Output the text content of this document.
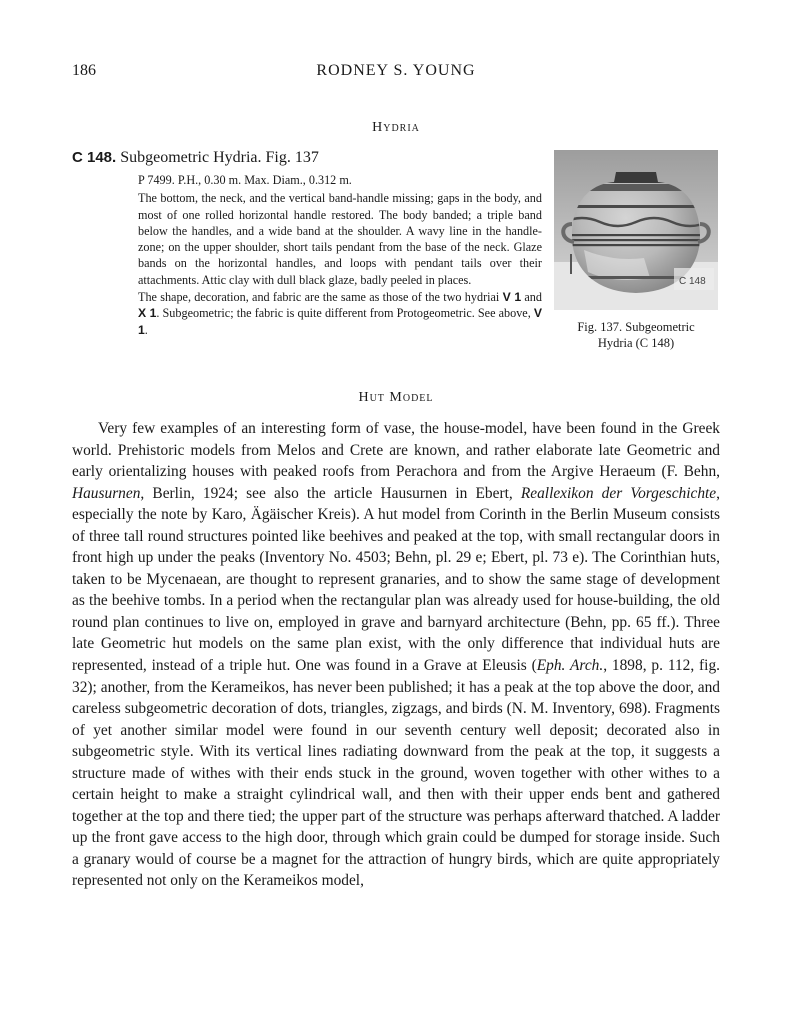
186	RODNEY S. YOUNG
Hydria
C 148. Subgeometric Hydria. Fig. 137

P 7499. P.H., 0.30 m. Max. Diam., 0.312 m.

The bottom, the neck, and the vertical band-handle missing; gaps in the body, and most of one rolled horizontal handle restored. The body banded; a triple band below the handles, and a wide band at the shoulder. A wavy line in the handle-zone; on the upper shoulder, short tails pendant from the base of the neck. Glaze bands on the horizontal handles, and loops with pendant tails over their attachments. Attic clay with dull black glaze, badly peeled in places.

The shape, decoration, and fabric are the same as those of the two hydriai V 1 and X 1. Subgeometric; the fabric is quite different from Protogeometric. See above, V 1.

C 148
Fig. 137. Subgeometric
Hydria (C 148)
Hut Model

Very few examples of an interesting form of vase, the house-model, have been found in the Greek world. Prehistoric models from Melos and Crete are known, and rather elaborate late Geometric and early orientalizing houses with peaked roofs from Perachora and from the Argive Heraeum (F. Behn, Hausurnen, Berlin, 1924; see also the article Hausurnen in Ebert, Reallexikon der Vorgeschichte, especially the note by Karo, Ägäischer Kreis). A hut model from Corinth in the Berlin Museum consists of three tall round structures pointed like beehives and peaked at the top, with small rectangular doors in front high up under the peaks (Inventory No. 4503; Behn, pl. 29 e; Ebert, pl. 73 e). The Corinthian huts, taken to be Mycenaean, are thought to represent granaries, and to show the same stage of development as the beehive tombs. In a period when the rectangular plan was already used for house-building, the old round plan continues to live on, employed in grave and barnyard architecture (Behn, pp. 65 ff.). Three late Geometric hut models on the same plan exist, with the only difference that individual huts are represented, instead of a triple hut. One was found in a Grave at Eleusis (Eph. Arch., 1898, p. 112, fig. 32); another, from the Kerameikos, has never been published; it has a peak at the top above the door, and careless subgeometric decoration of dots, triangles, zigzags, and birds (N. M. Inventory, 698). Fragments of yet another similar model were found in our seventh century well deposit; decorated also in subgeometric style. With its vertical lines radiating downward from the peak at the top, it suggests a structure made of withes with their ends stuck in the ground, woven together with other withes to a certain height to make a straight cylindrical wall, and then with their upper ends bent and gathered together at the top and there tied; the upper part of the structure was perhaps afterward thatched. A ladder up the front gave access to the high door, through which grain could be dumped for storage inside. Such a granary would of course be a magnet for the attraction of hungry birds, which are quite appropriately represented not only on the Kerameikos model,
